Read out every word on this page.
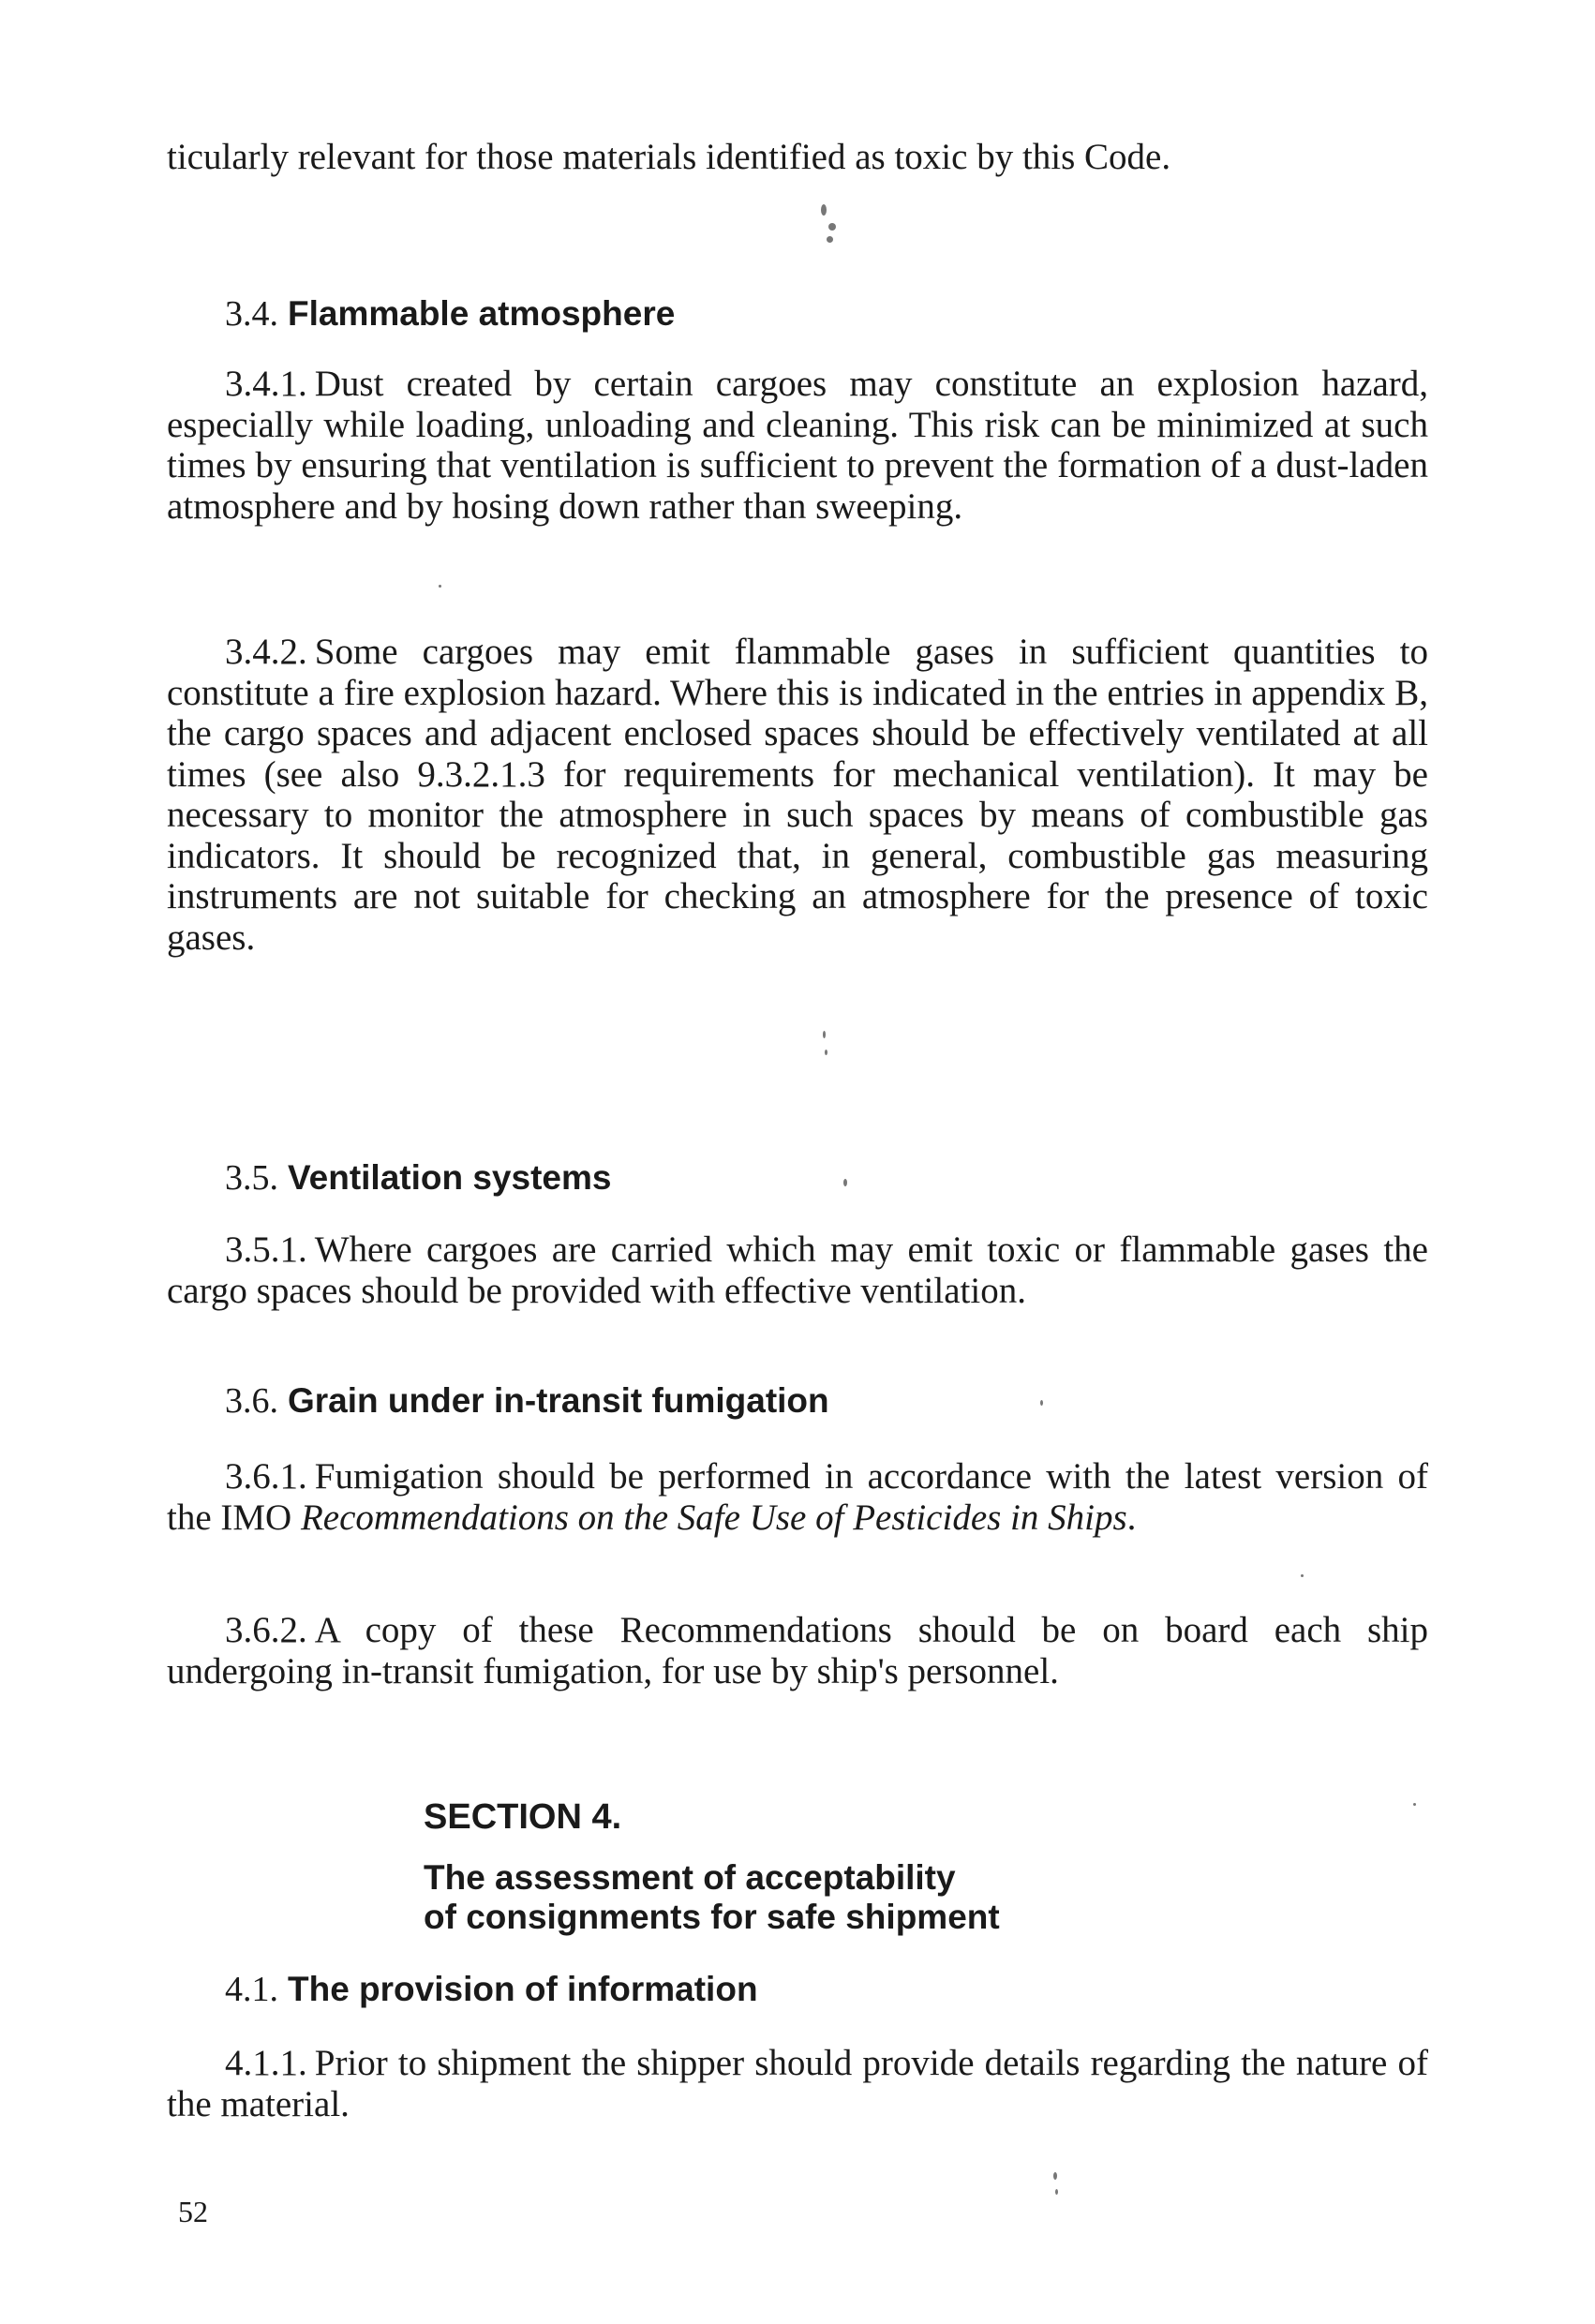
ticularly relevant for those materials identified as toxic by this Code.
3.4. Flammable atmosphere
3.4.1. Dust created by certain cargoes may constitute an explosion hazard, especially while loading, unloading and cleaning. This risk can be minimized at such times by ensuring that ventilation is sufficient to prevent the formation of a dust-laden atmosphere and by hosing down rather than sweeping.
3.4.2. Some cargoes may emit flammable gases in sufficient quantities to constitute a fire explosion hazard. Where this is indicated in the entries in appendix B, the cargo spaces and adjacent enclosed spaces should be effectively ventilated at all times (see also 9.3.2.1.3 for requirements for mechanical ventilation). It may be necessary to monitor the atmosphere in such spaces by means of combustible gas indicators. It should be recognized that, in general, combustible gas measuring instruments are not suitable for checking an atmosphere for the presence of toxic gases.
3.5. Ventilation systems
3.5.1. Where cargoes are carried which may emit toxic or flammable gases the cargo spaces should be provided with effective ventilation.
3.6. Grain under in-transit fumigation
3.6.1. Fumigation should be performed in accordance with the latest version of the IMO Recommendations on the Safe Use of Pesticides in Ships.
3.6.2. A copy of these Recommendations should be on board each ship undergoing in-transit fumigation, for use by ship's personnel.
SECTION 4.
The assessment of acceptability
of consignments for safe shipment
4.1. The provision of information
4.1.1. Prior to shipment the shipper should provide details regarding the nature of the material.
52
